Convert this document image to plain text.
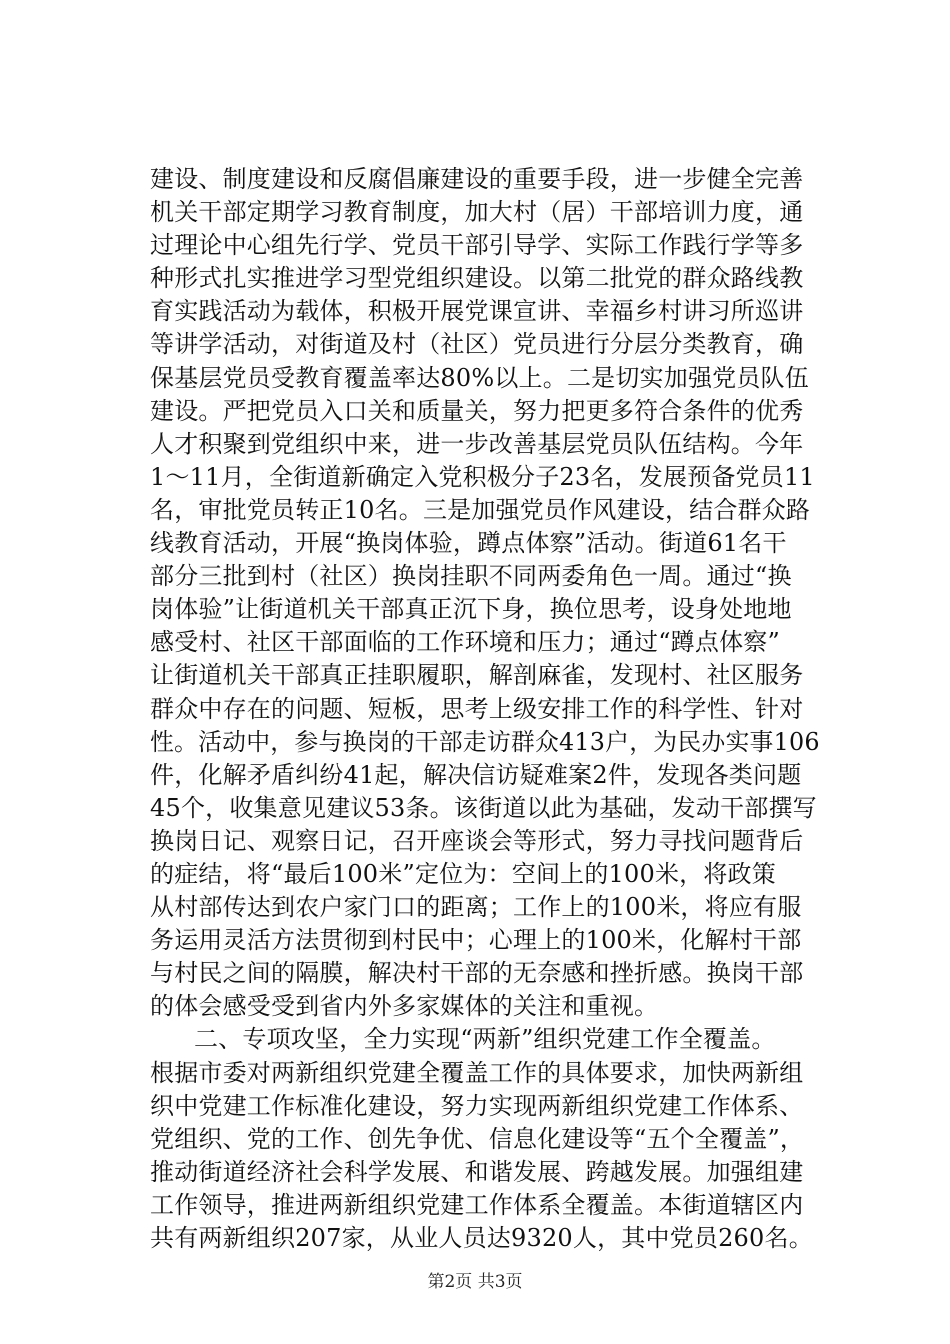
建设、制度建设和反腐倡廉建设的重要手段，进一步健全完善
机关干部定期学习教育制度，加大村（居）干部培训力度，通
过理论中心组先行学、党员干部引导学、实际工作践行学等多
种形式扎实推进学习型党组织建设。以第二批党的群众路线教
育实践活动为载体，积极开展党课宣讲、幸福乡村讲习所巡讲
等讲学活动，对街道及村（社区）党员进行分层分类教育，确
保基层党员受教育覆盖率达80%以上。二是切实加强党员队伍
建设。严把党员入口关和质量关，努力把更多符合条件的优秀
人才积聚到党组织中来，进一步改善基层党员队伍结构。今年
1～11月，全街道新确定入党积极分子23名，发展预备党员11
名，审批党员转正10名。三是加强党员作风建设，结合群众路
线教育活动，开展“换岗体验，蹲点体察”活动。街道61名干
部分三批到村（社区）换岗挂职不同两委角色一周。通过“换
岗体验”让街道机关干部真正沉下身，换位思考，设身处地地
感受村、社区干部面临的工作环境和压力；通过“蹲点体察”
让街道机关干部真正挂职履职，解剖麻雀，发现村、社区服务
群众中存在的问题、短板，思考上级安排工作的科学性、针对
性。活动中，参与换岗的干部走访群众413户，为民办实事106
件，化解矛盾纠纷41起，解决信访疑难案2件，发现各类问题
45个，收集意见建议53条。该街道以此为基础，发动干部撰写
换岗日记、观察日记，召开座谈会等形式，努力寻找问题背后
的症结，将“最后100米”定位为：空间上的100米，将政策
从村部传达到农户家门口的距离；工作上的100米，将应有服
务运用灵活方法贯彻到村民中；心理上的100米，化解村干部
与村民之间的隔膜，解决村干部的无奈感和挫折感。换岗干部
的体会感受受到省内外多家媒体的关注和重视。
二、专项攻坚，全力实现“两新”组织党建工作全覆盖。
根据市委对两新组织党建全覆盖工作的具体要求，加快两新组
织中党建工作标准化建设，努力实现两新组织党建工作体系、
党组织、党的工作、创先争优、信息化建设等“五个全覆盖”，
推动街道经济社会科学发展、和谐发展、跨越发展。加强组建
工作领导，推进两新组织党建工作体系全覆盖。本街道辖区内
共有两新组织207家，从业人员达9320人，其中党员260名。
第2页 共3页
